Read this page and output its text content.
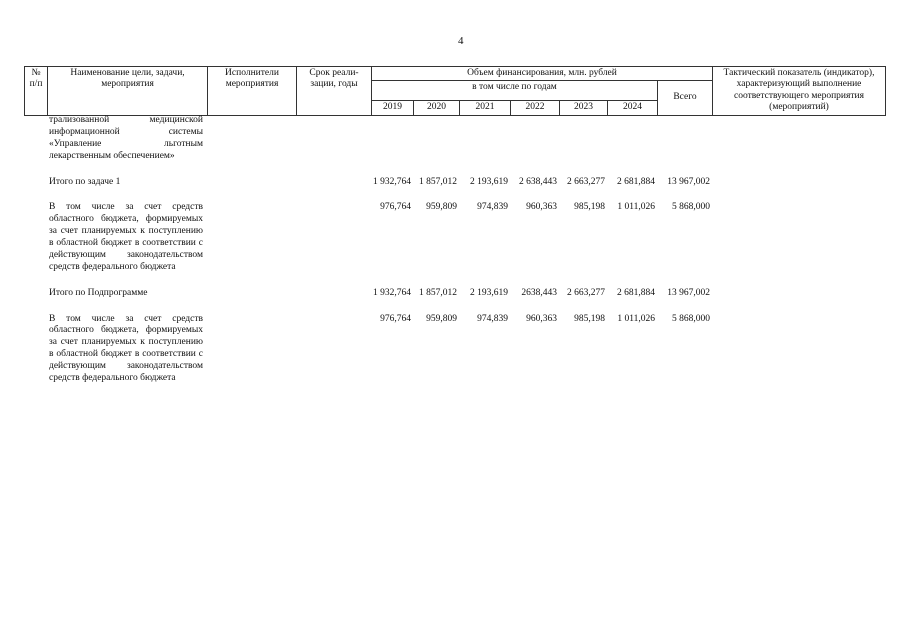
4
№ п/п	Наименование цели, задачи, мероприятия	Исполнители мероприятия	Срок реали-зации, годы	Объем финансирования, млн. рублей							Тактический показатель (индикатор), характеризующий выполнение соответствующего мероприятия (мероприятий)
				в том числе по годам						Всего	
				2019	2020	2021	2022	2023	2024		
трализованной медицинской информационной системы «Управление льготным лекарственным обеспечением»										

Итого по задаче 1			1 932,764	1 857,012	2 193,619	2 638,443	2 663,277	2 681,884	13 967,002	

В том числе за счет средств областного бюджета, формируемых за счет планируемых к поступлению в областной бюджет в соответствии с действующим законодательством средств федерального бюджета			976,764	959,809	974,839	960,363	985,198	1 011,026	5 868,000	

Итого по Подпрограмме			1 932,764	1 857,012	2 193,619	2638,443	2 663,277	2 681,884	13 967,002	

В том числе за счет средств областного бюджета, формируемых за счет планируемых к поступлению в областной бюджет в соответствии с действующим законодательством средств федерального бюджета			976,764	959,809	974,839	960,363	985,198	1 011,026	5 868,000	
